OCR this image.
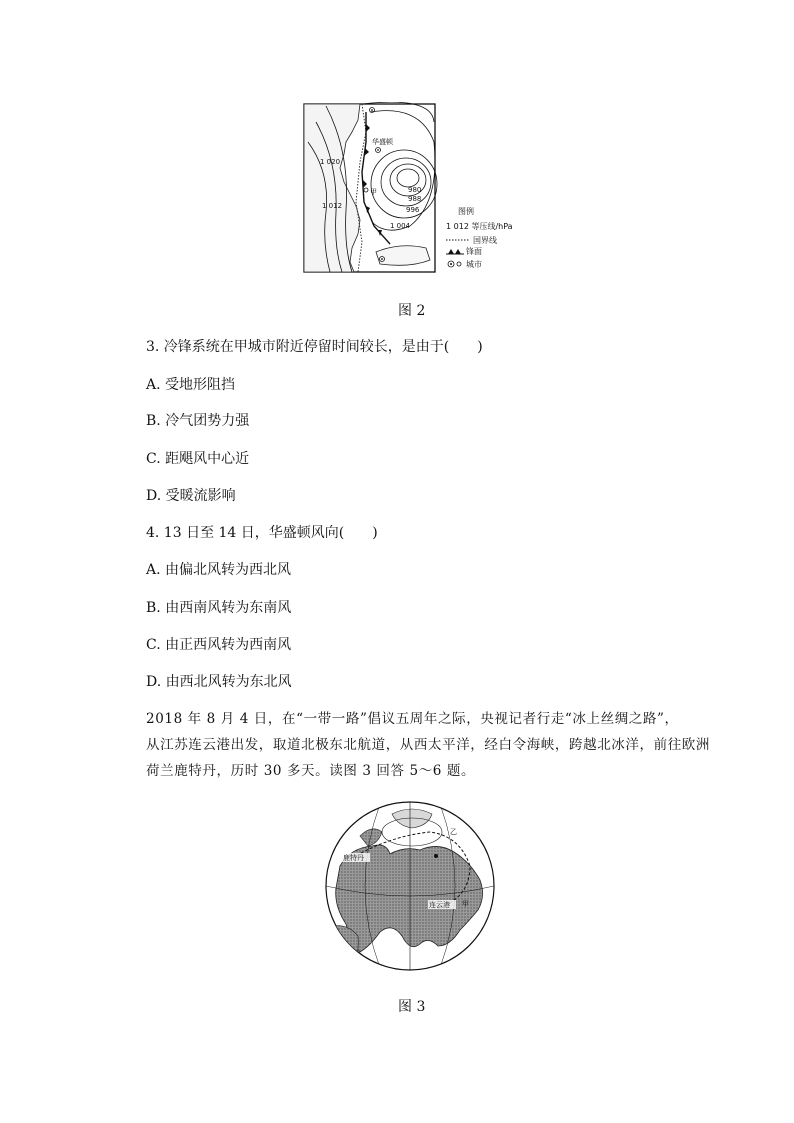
1 020
1 012
1 004
996
988
980
华盛顿
甲
图例
1 012 等压线/hPa
国界线
锋面
城市
图 2
3. 冷锋系统在甲城市附近停留时间较长，是由于(　　)
A. 受地形阻挡
B. 冷气团势力强
C. 距飓风中心近
D. 受暖流影响
4. 13 日至 14 日，华盛顿风向(　　)
A. 由偏北风转为西北风
B. 由西南风转为东南风
C. 由正西风转为西南风
D. 由西北风转为东北风
2018 年 8 月 4 日，在“一带一路”倡议五周年之际，央视记者行走“冰上丝绸之路”，
从江苏连云港出发，取道北极东北航道，从西太平洋，经白令海峡，跨越北冰洋，前往欧洲
荷兰鹿特丹，历时 30 多天。读图 3 回答 5～6 题。
鹿特丹
连云港
乙
甲
图 3
